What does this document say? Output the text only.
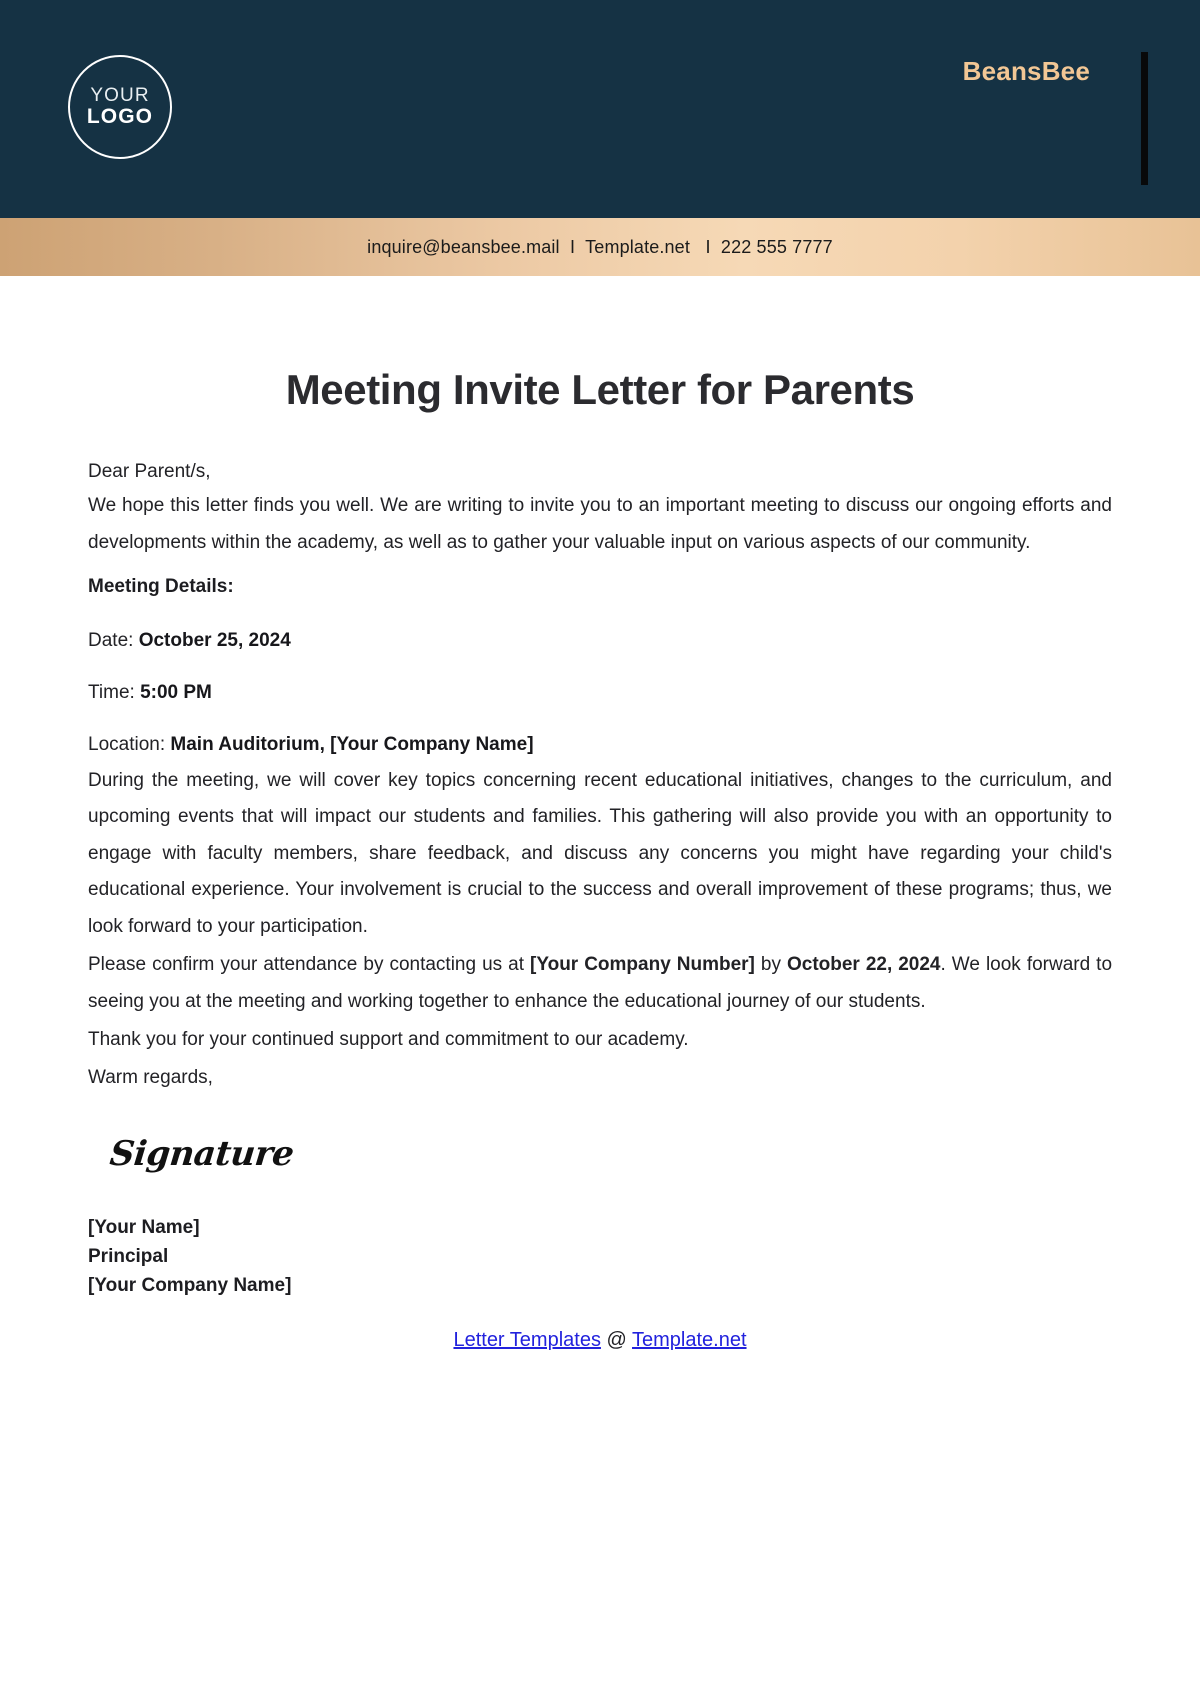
YOUR
LOGO
BeansBee
inquire@beansbee.mail  I  Template.net   I  222 555 7777
Meeting Invite Letter for Parents
Dear Parent/s,

We hope this letter finds you well. We are writing to invite you to an important meeting to discuss our ongoing efforts and developments within the academy, as well as to gather your valuable input on various aspects of our community.

Meeting Details:
Date: October 25, 2024
Time: 5:00 PM
Location: Main Auditorium, [Your Company Name]

During the meeting, we will cover key topics concerning recent educational initiatives, changes to the curriculum, and upcoming events that will impact our students and families. This gathering will also provide you with an opportunity to engage with faculty members, share feedback, and discuss any concerns you might have regarding your child's educational experience. Your involvement is crucial to the success and overall improvement of these programs; thus, we look forward to your participation.

Please confirm your attendance by contacting us at [Your Company Number] by October 22, 2024. We look forward to seeing you at the meeting and working together to enhance the educational journey of our students.

Thank you for your continued support and commitment to our academy.
Warm regards,
Signature
[Your Name]
Principal
[Your Company Name]
Letter Templates @ Template.net
